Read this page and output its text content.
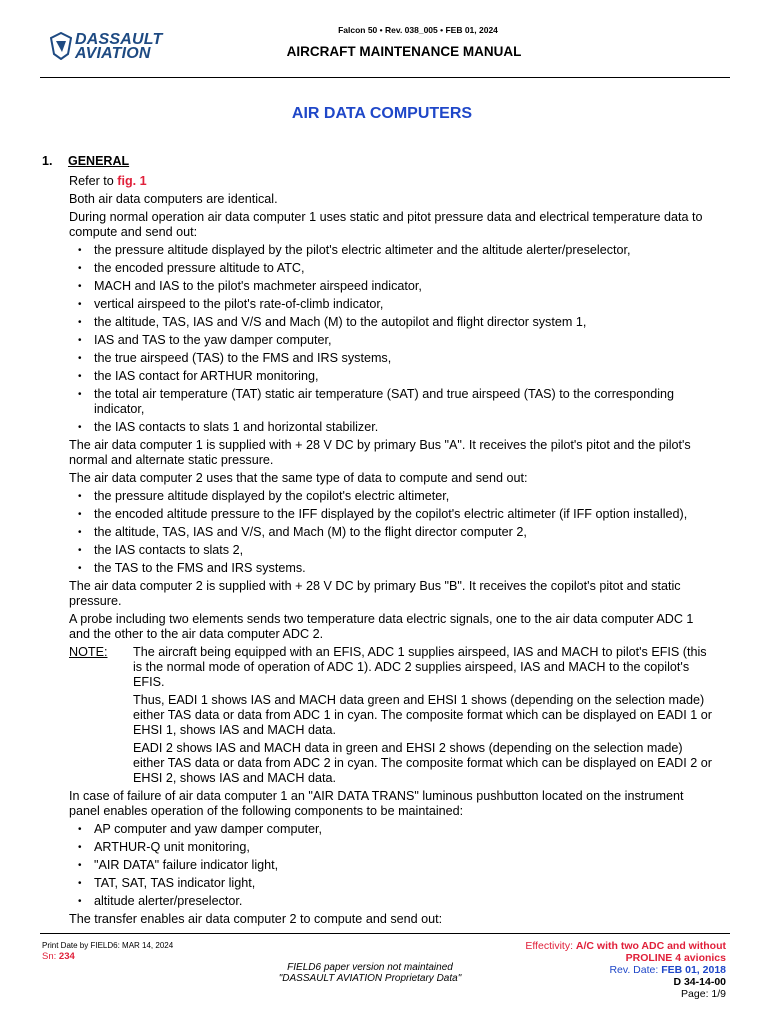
DASSAULT
AVIATION
Falcon 50 • Rev. 038_005 • FEB 01, 2024
AIRCRAFT MAINTENANCE MANUAL
AIR DATA COMPUTERS
1. GENERAL

Refer to fig. 1

Both air data computers are identical.

During normal operation air data computer 1 uses static and pitot pressure data and electrical temperature data to compute and send out:

• the pressure altitude displayed by the pilot's electric altimeter and the altitude alerter/preselector,
• the encoded pressure altitude to ATC,
• MACH and IAS to the pilot's machmeter airspeed indicator,
• vertical airspeed to the pilot's rate-of-climb indicator,
• the altitude, TAS, IAS and V/S and Mach (M) to the autopilot and flight director system 1,
• IAS and TAS to the yaw damper computer,
• the true airspeed (TAS) to the FMS and IRS systems,
• the IAS contact for ARTHUR monitoring,
• the total air temperature (TAT) static air temperature (SAT) and true airspeed (TAS) to the corresponding indicator,
• the IAS contacts to slats 1 and horizontal stabilizer.

The air data computer 1 is supplied with + 28 V DC by primary Bus "A". It receives the pilot's pitot and the pilot's normal and alternate static pressure.

The air data computer 2 uses that the same type of data to compute and send out:

• the pressure altitude displayed by the copilot's electric altimeter,
• the encoded altitude pressure to the IFF displayed by the copilot's electric altimeter (if IFF option installed),
• the altitude, TAS, IAS and V/S, and Mach (M) to the flight director computer 2,
• the IAS contacts to slats 2,
• the TAS to the FMS and IRS systems.

The air data computer 2 is supplied with + 28 V DC by primary Bus "B". It receives the copilot's pitot and static pressure.

A probe including two elements sends two temperature data electric signals, one to the air data computer ADC 1 and the other to the air data computer ADC 2.

NOTE: The aircraft being equipped with an EFIS, ADC 1 supplies airspeed, IAS and MACH to pilot's EFIS (this is the normal mode of operation of ADC 1). ADC 2 supplies airspeed, IAS and MACH to the copilot's EFIS.

Thus, EADI 1 shows IAS and MACH data green and EHSI 1 shows (depending on the selection made) either TAS data or data from ADC 1 in cyan. The composite format which can be displayed on EADI 1 or EHSI 1, shows IAS and MACH data.

EADI 2 shows IAS and MACH data in green and EHSI 2 shows (depending on the selection made) either TAS data or data from ADC 2 in cyan. The composite format which can be displayed on EADI 2 or EHSI 2, shows IAS and MACH data.

In case of failure of air data computer 1 an "AIR DATA TRANS" luminous pushbutton located on the instrument panel enables operation of the following components to be maintained:

• AP computer and yaw damper computer,
• ARTHUR-Q unit monitoring,
• "AIR DATA" failure indicator light,
• TAT, SAT, TAS indicator light,
• altitude alerter/preselector.

The transfer enables air data computer 2 to compute and send out:

Print Date by FIELD6: MAR 14, 2024
Sn: 234
FIELD6 paper version not maintained
"DASSAULT AVIATION Proprietary Data"
Effectivity: A/C with two ADC and without
PROLINE 4 avionics
Rev. Date: FEB 01, 2018
D 34-14-00
Page: 1/9
